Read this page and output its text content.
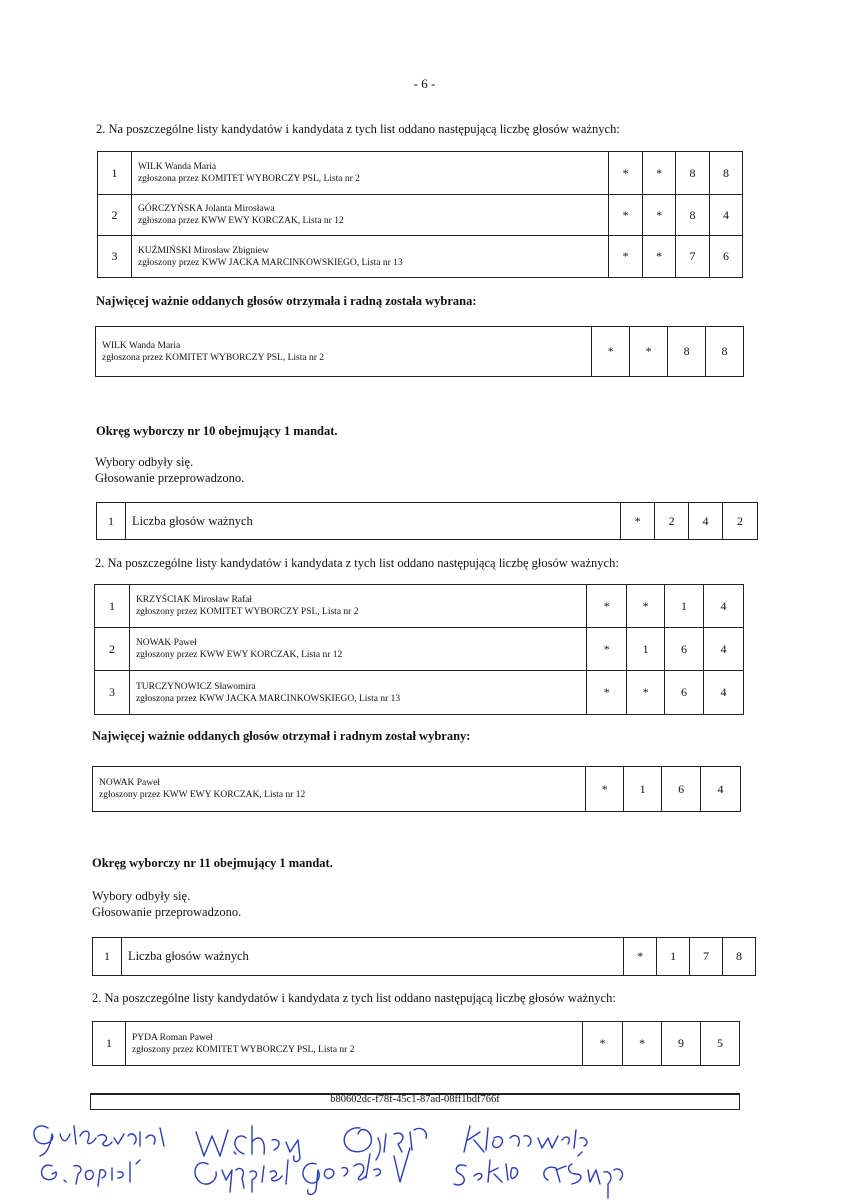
- 6 -
2. Na poszczególne listy kandydatów i kandydata z tych list oddano następującą liczbę głosów ważnych:
1	WILK Wanda Maria
zgłoszona przez KOMITET WYBORCZY PSL, Lista nr 2	*	*	8	8
2	GÓRCZYŃSKA Jolanta Mirosława
zgłoszona przez KWW EWY KORCZAK, Lista nr 12	*	*	8	4
3	KUŹMIŃSKI Mirosław Zbigniew
zgłoszony przez KWW JACKA MARCINKOWSKIEGO, Lista nr 13	*	*	7	6
Najwięcej ważnie oddanych głosów otrzymała i radną została wybrana:
WILK Wanda Maria
zgłoszona przez KOMITET WYBORCZY PSL, Lista nr 2	*	*	8	8
Okręg wyborczy nr 10 obejmujący 1 mandat.
Wybory odbyły się.
Głosowanie przeprowadzono.
1	Liczba głosów ważnych	*	2	4	2
2. Na poszczególne listy kandydatów i kandydata z tych list oddano następującą liczbę głosów ważnych:
1	KRZYŚCIAK Mirosław Rafał
zgłoszony przez KOMITET WYBORCZY PSL, Lista nr 2	*	*	1	4
2	NOWAK Paweł
zgłoszony przez KWW EWY KORCZAK, Lista nr 12	*	1	6	4
3	TURCZYNOWICZ Sławomira
zgłoszona przez KWW JACKA MARCINKOWSKIEGO, Lista nr 13	*	*	6	4
Najwięcej ważnie oddanych głosów otrzymał i radnym został wybrany:
NOWAK Paweł
zgłoszony przez KWW EWY KORCZAK, Lista nr 12	*	1	6	4
Okręg wyborczy nr 11 obejmujący 1 mandat.
Wybory odbyły się.
Głosowanie przeprowadzono.
1	Liczba głosów ważnych	*	1	7	8
2. Na poszczególne listy kandydatów i kandydata z tych list oddano następującą liczbę głosów ważnych:
1	PYDA Roman Paweł
zgłoszony przez KOMITET WYBORCZY PSL, Lista nr 2	*	*	9	5
b80602dc-f78f-45c1-87ad-08ff1bdf766f
